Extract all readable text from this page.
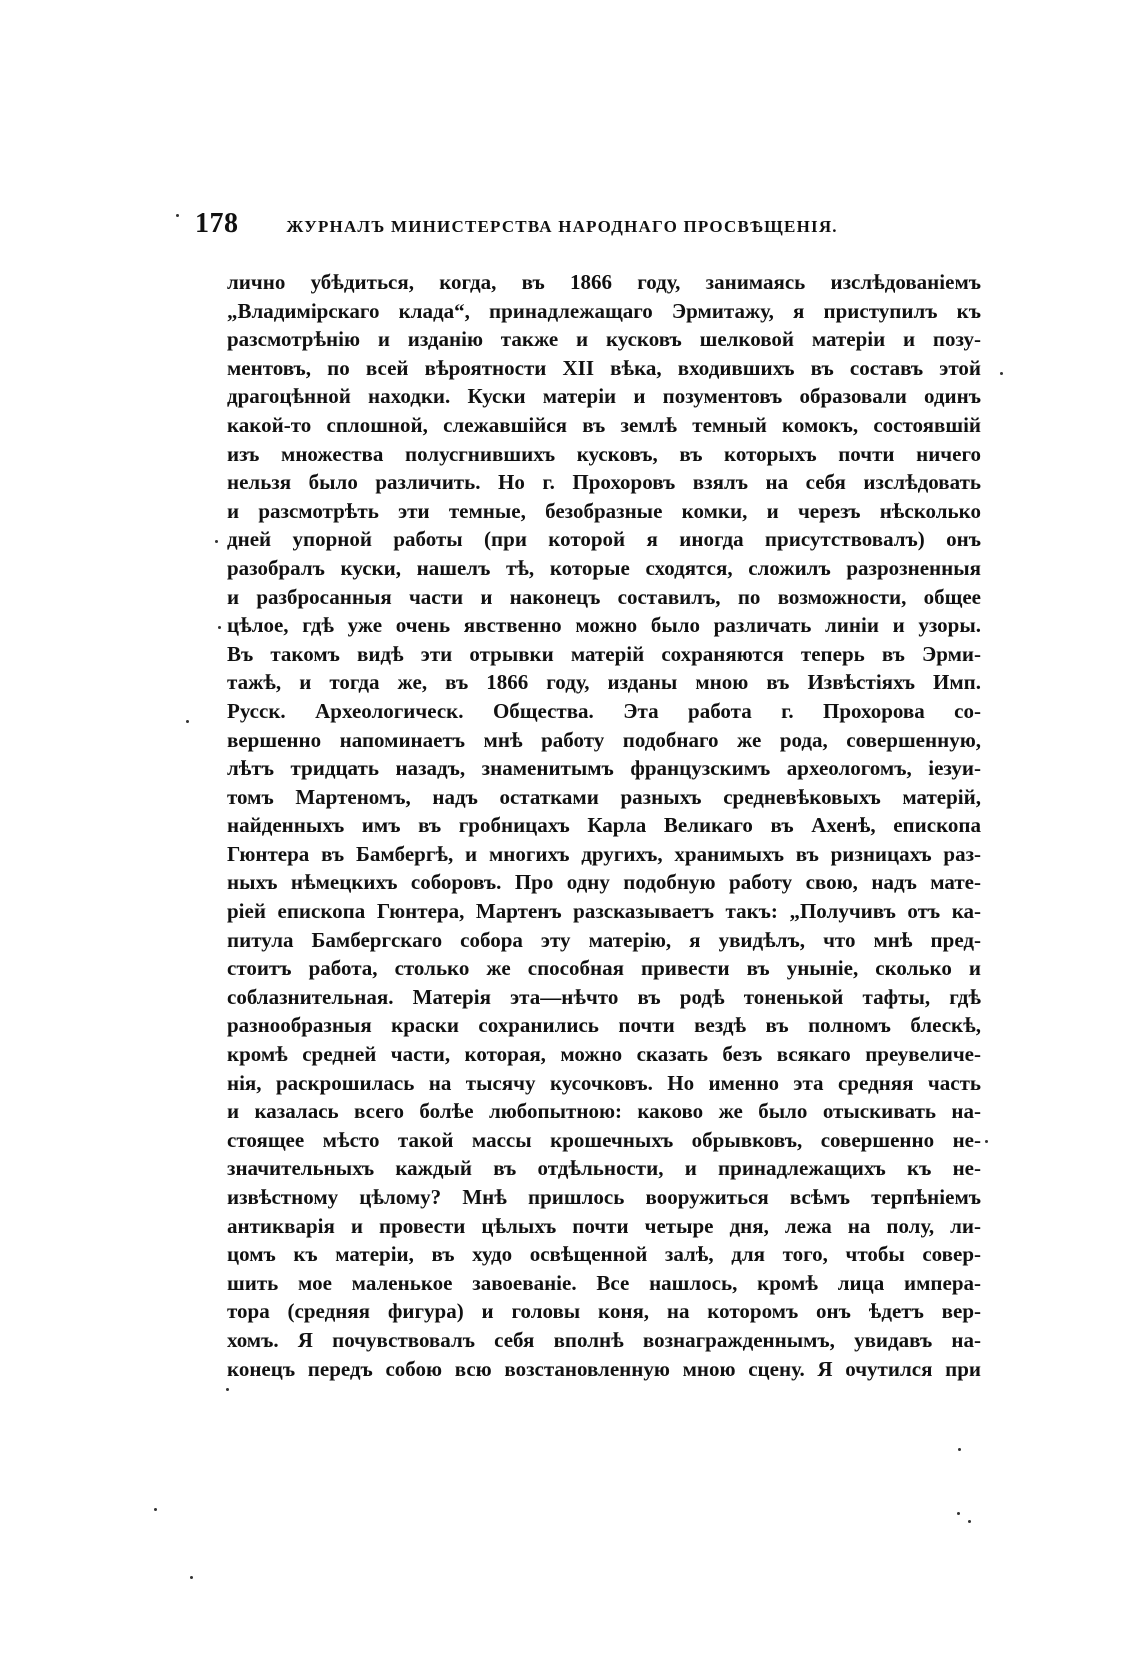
178	ЖУРНАЛЪ МИНИСТЕРСТВА НАРОДНАГО ПРОСВѢЩЕНІЯ.
лично убѣдиться, когда, въ 1866 году, занимаясь изслѣдованіемъ
„Владимірскаго клада“, принадлежащаго Эрмитажу, я приступилъ къ
разсмотрѣнію и изданію также и кусковъ шелковой матеріи и позу-
ментовъ, по всей вѣроятности XII вѣка, входившихъ въ составъ этой
драгоцѣнной находки. Куски матеріи и позументовъ образовали одинъ
какой-то сплошной, слежавшійся въ землѣ темный комокъ, состоявшій
изъ множества полусгнившихъ кусковъ, въ которыхъ почти ничего
нельзя было различить. Но г. Прохоровъ взялъ на себя изслѣдовать
и разсмотрѣть эти темные, безобразные комки, и черезъ нѣсколько
дней упорной работы (при которой я иногда присутствовалъ) онъ
разобралъ куски, нашелъ тѣ, которые сходятся, сложилъ разрозненныя
и разбросанныя части и наконецъ составилъ, по возможности, общее
цѣлое, гдѣ уже очень явственно можно было различать линіи и узоры.
Въ такомъ видѣ эти отрывки матерій сохраняются теперь въ Эрми-
тажѣ, и тогда же, въ 1866 году, изданы мною въ Извѣстіяхъ Имп.
Русск. Археологическ. Общества. Эта работа г. Прохорова со-
вершенно напоминаетъ мнѣ работу подобнаго же рода, совершенную,
лѣтъ тридцать назадъ, знаменитымъ французскимъ археологомъ, іезуи-
томъ Мартеномъ, надъ остатками разныхъ средневѣковыхъ матерій,
найденныхъ имъ въ гробницахъ Карла Великаго въ Ахенѣ, епископа
Гюнтера въ Бамбергѣ, и многихъ другихъ, хранимыхъ въ ризницахъ раз-
ныхъ нѣмецкихъ соборовъ. Про одну подобную работу свою, надъ мате-
ріей епископа Гюнтера, Мартенъ разсказываетъ такъ: „Получивъ отъ ка-
питула Бамбергскаго собора эту матерію, я увидѣлъ, что мнѣ пред-
стоитъ работа, столько же способная привести въ уныніе, сколько и
соблазнительная. Матерія эта—нѣчто въ родѣ тоненькой тафты, гдѣ
разнообразныя краски сохранились почти вездѣ въ полномъ блескѣ,
кромѣ средней части, которая, можно сказать безъ всякаго преувеличе-
нія, раскрошилась на тысячу кусочковъ. Но именно эта средняя часть
и казалась всего болѣе любопытною: каково же было отыскивать на-
стоящее мѣсто такой массы крошечныхъ обрывковъ, совершенно не-
значительныхъ каждый въ отдѣльности, и принадлежащихъ къ не-
извѣстному цѣлому? Мнѣ пришлось вооружиться всѣмъ терпѣніемъ
антикварія и провести цѣлыхъ почти четыре дня, лежа на полу, ли-
цомъ къ матеріи, въ худо освѣщенной залѣ, для того, чтобы совер-
шить мое маленькое завоеваніе. Все нашлось, кромѣ лица импера-
тора (средняя фигура) и головы коня, на которомъ онъ ѣдетъ вер-
хомъ. Я почувствовалъ себя вполнѣ вознагражденнымъ, увидавъ на-
конецъ передъ собою всю возстановленную мною сцену. Я очутился при
